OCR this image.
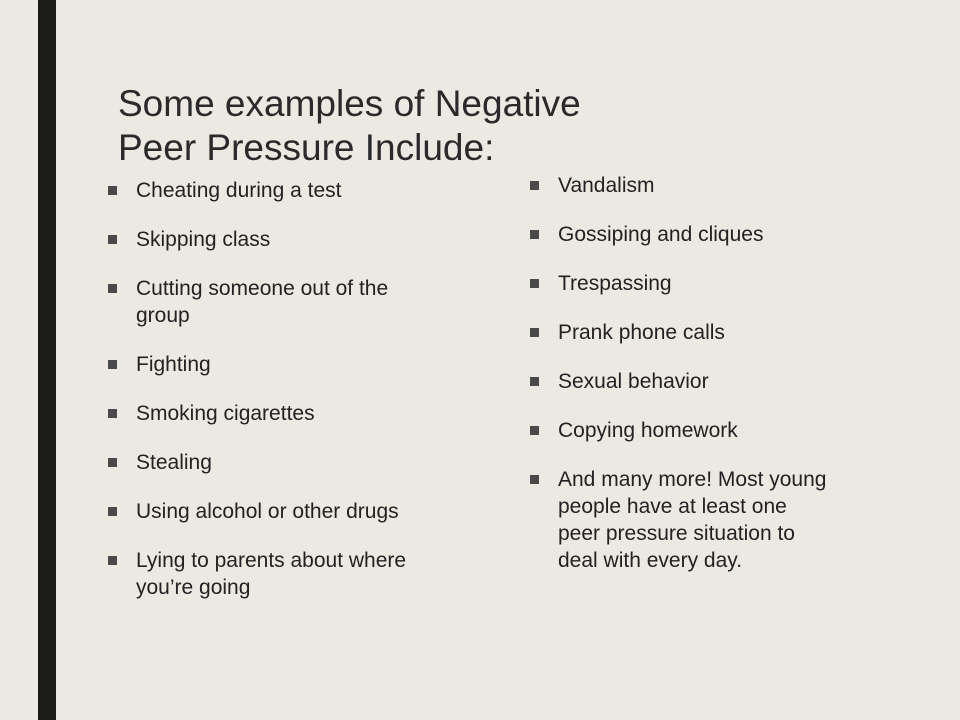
Some examples of Negative
Peer Pressure Include:
Cheating during a test
Skipping class
Cutting someone out of the
group
Fighting
Smoking cigarettes
Stealing
Using alcohol or other drugs
Lying to parents about where
you’re going
Vandalism
Gossiping and cliques
Trespassing
Prank phone calls
Sexual behavior
Copying homework
And many more! Most young
people have at least one
peer pressure situation to
deal with every day.
